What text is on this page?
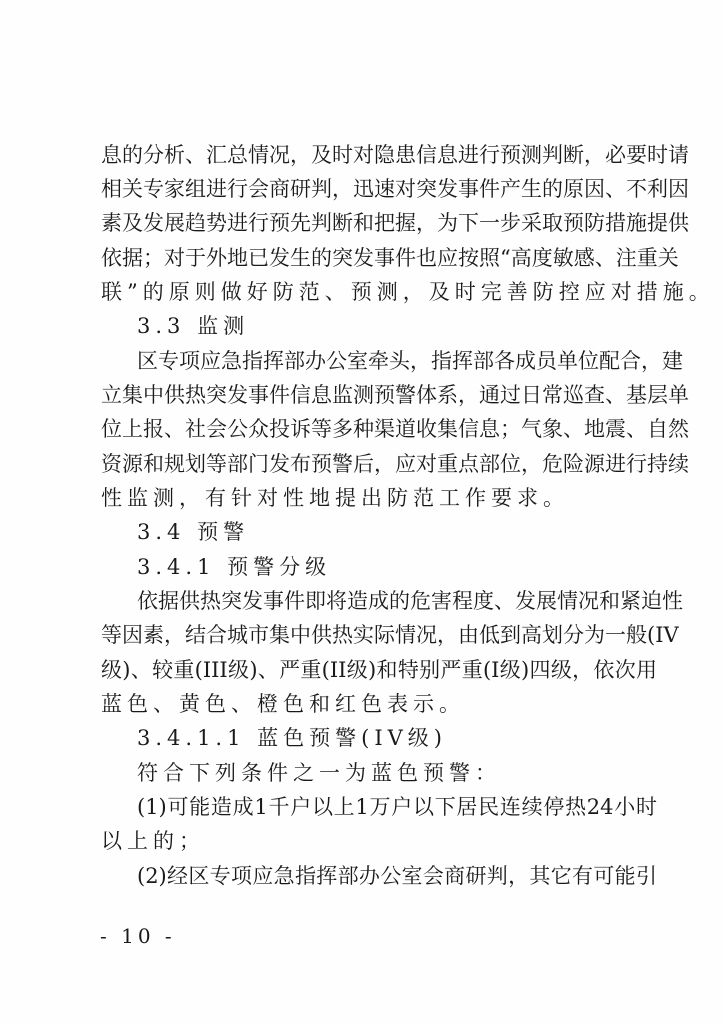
息的分析、汇总情况，及时对隐患信息进行预测判断，必要时请
相关专家组进行会商研判，迅速对突发事件产生的原因、不利因
素及发展趋势进行预先判断和把握，为下一步采取预防措施提供
依据；对于外地已发生的突发事件也应按照“高度敏感、注重关
联”的原则做好防范、预测，及时完善防控应对措施。
3.3 监测
区专项应急指挥部办公室牵头，指挥部各成员单位配合，建
立集中供热突发事件信息监测预警体系，通过日常巡查、基层单
位上报、社会公众投诉等多种渠道收集信息；气象、地震、自然
资源和规划等部门发布预警后，应对重点部位，危险源进行持续
性监测，有针对性地提出防范工作要求。
3.4 预警
3.4.1 预警分级
依据供热突发事件即将造成的危害程度、发展情况和紧迫性
等因素，结合城市集中供热实际情况，由低到高划分为一般(IV
级)、较重(III级)、严重(II级)和特别严重(I级)四级，依次用
蓝色、黄色、橙色和红色表示。
3.4.1.1 蓝色预警(IV级)
符合下列条件之一为蓝色预警：
(1)可能造成1千户以上1万户以下居民连续停热24小时
以上的；
(2)经区专项应急指挥部办公室会商研判，其它有可能引
- 10 -
